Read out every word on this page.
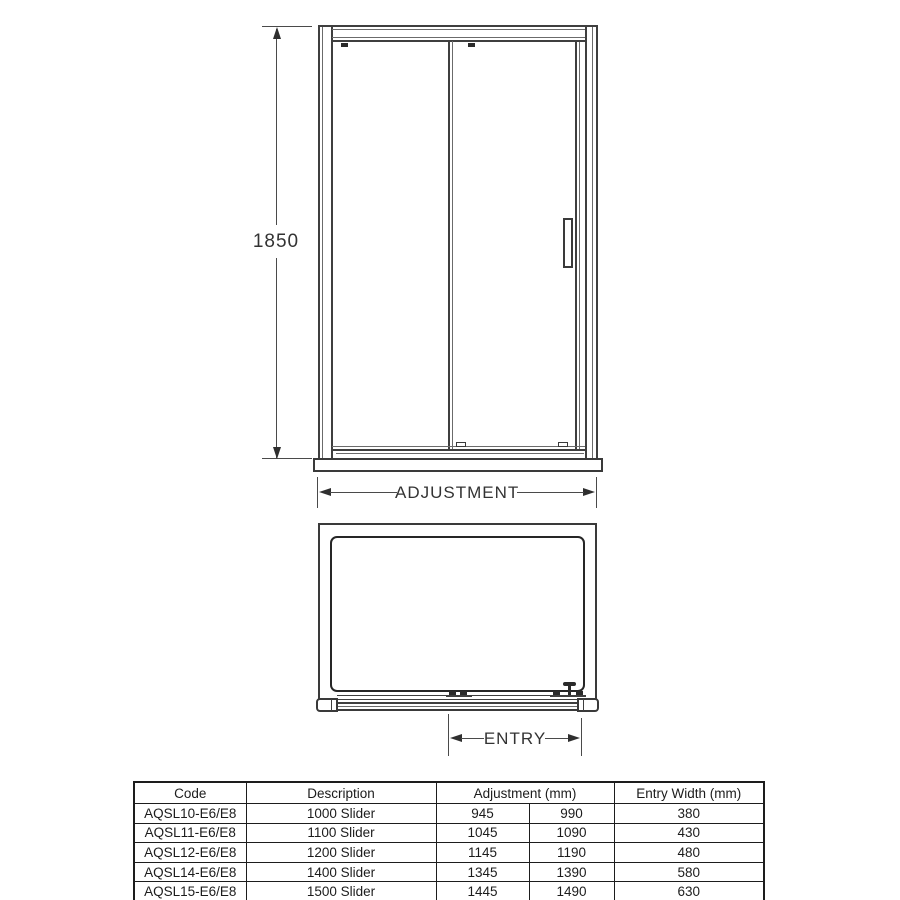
1850
ADJUSTMENT
ENTRY
Code	Description	Adjustment (mm)		Entry Width (mm)
AQSL10-E6/E8	1000 Slider	945	990	380
AQSL11-E6/E8	1100 Slider	1045	1090	430
AQSL12-E6/E8	1200 Slider	1145	1190	480
AQSL14-E6/E8	1400 Slider	1345	1390	580
AQSL15-E6/E8	1500 Slider	1445	1490	630
